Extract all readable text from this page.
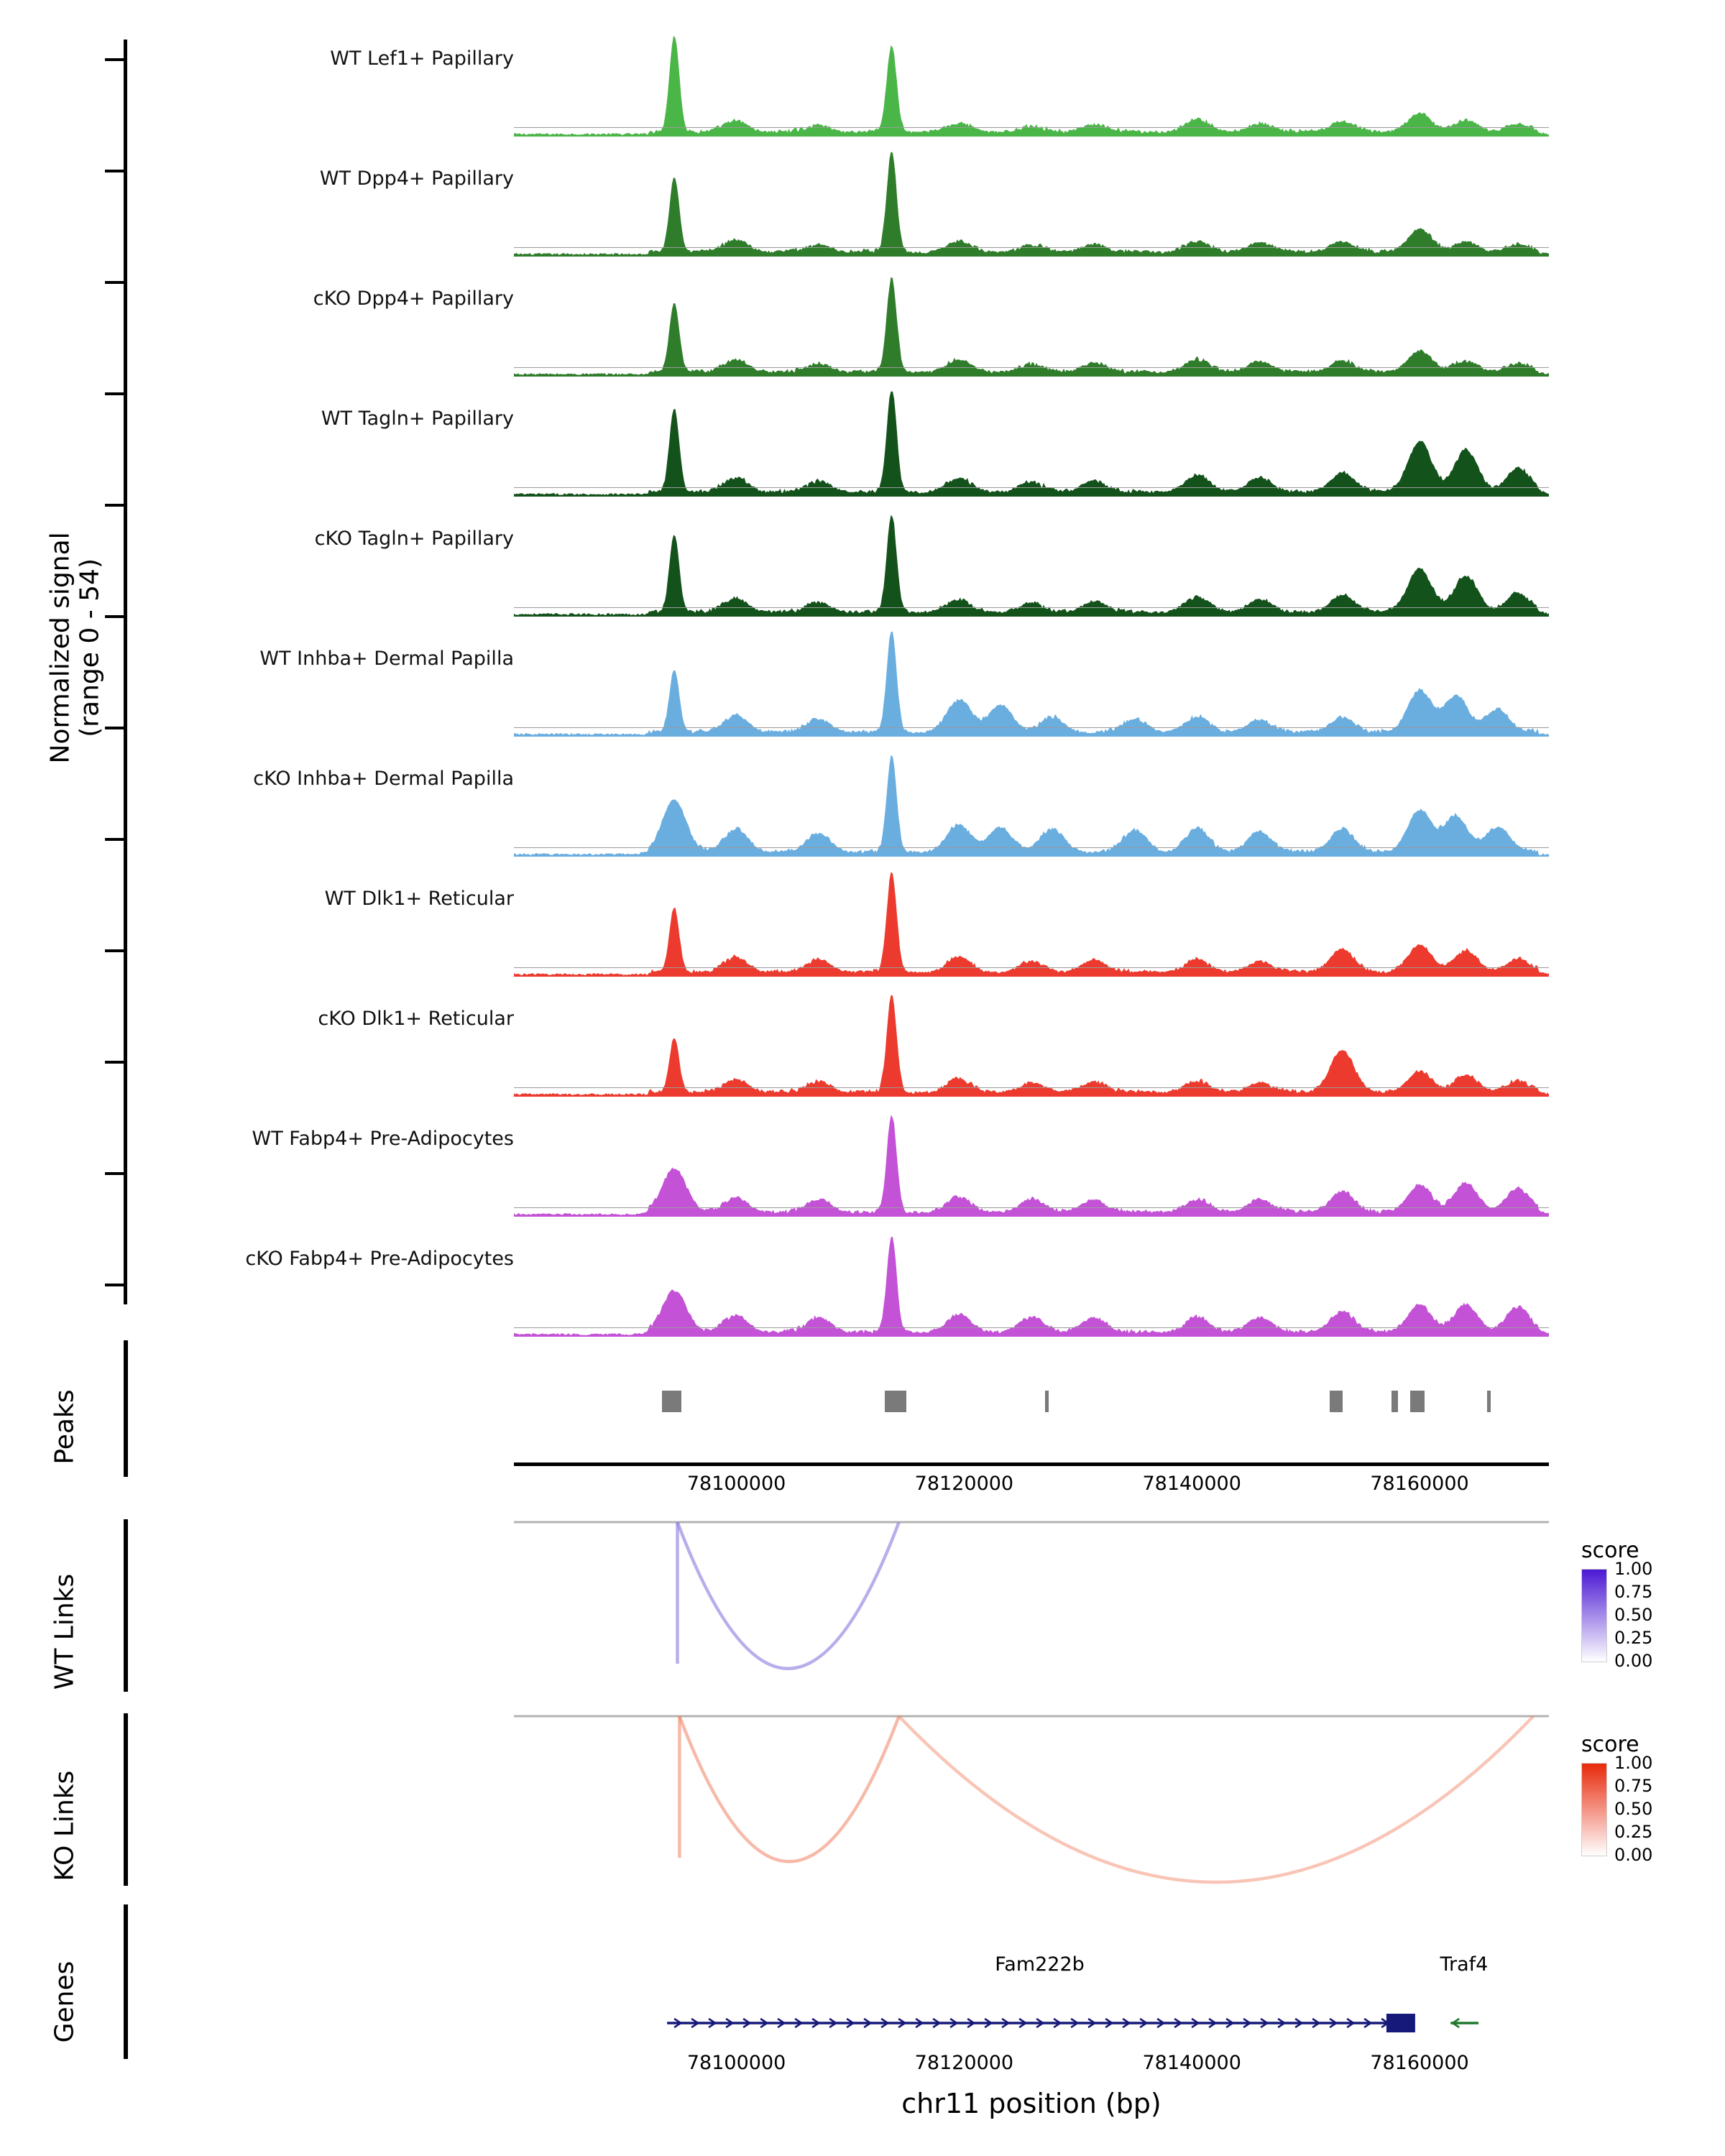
Normalized signal (range 0 - 54)
Peaks
WT Links
KO Links
Genes
WT Lef1+ Papillary
WT Dpp4+ Papillary
cKO Dpp4+ Papillary
WT Tagln+ Papillary
cKO Tagln+ Papillary
WT Inhba+ Dermal Papilla
cKO Inhba+ Dermal Papilla
WT Dlk1+ Reticular
cKO Dlk1+ Reticular
WT Fabp4+ Pre-Adipocytes
cKO Fabp4+ Pre-Adipocytes
78100000	78120000	78140000	78160000
score
1.00
0.75
0.50
0.25
0.00
score
1.00
0.75
0.50
0.25
0.00
Fam222b	Traf4
78100000	78120000	78140000	78160000
chr11 position (bp)
